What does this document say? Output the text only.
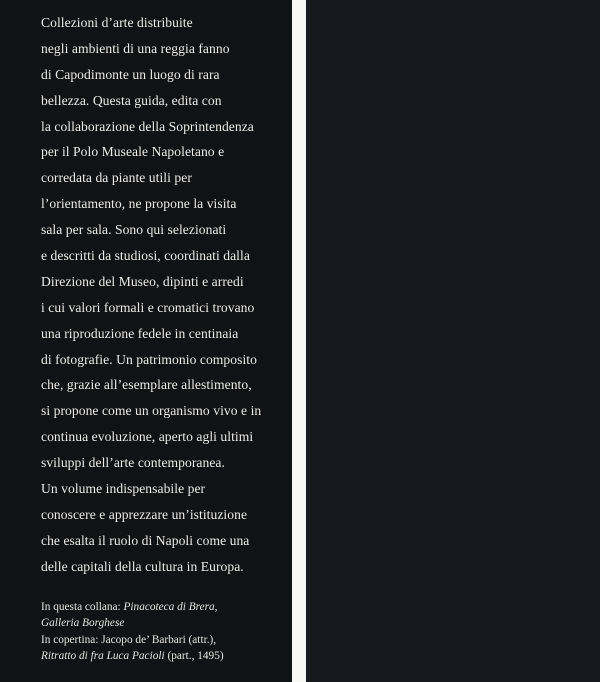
Collezioni d’arte distribuite
negli ambienti di una reggia fanno
di Capodimonte un luogo di rara
bellezza. Questa guida, edita con
la collaborazione della Soprintendenza
per il Polo Museale Napoletano e
corredata da piante utili per
l’orientamento, ne propone la visita
sala per sala. Sono qui selezionati
e descritti da studiosi, coordinati dalla
Direzione del Museo, dipinti e arredi
i cui valori formali e cromatici trovano
una riproduzione fedele in centinaia
di fotografie. Un patrimonio composito
che, grazie all’esemplare allestimento,
si propone come un organismo vivo e in
continua evoluzione, aperto agli ultimi
sviluppi dell’arte contemporanea.
Un volume indispensabile per
conoscere e apprezzare un’istituzione
che esalta il ruolo di Napoli come una
delle capitali della cultura in Europa.
In questa collana: Pinacoteca di Brera,
Galleria Borghese
In copertina: Jacopo de’ Barbari (attr.),
Ritratto di fra Luca Pacioli (part., 1495)
